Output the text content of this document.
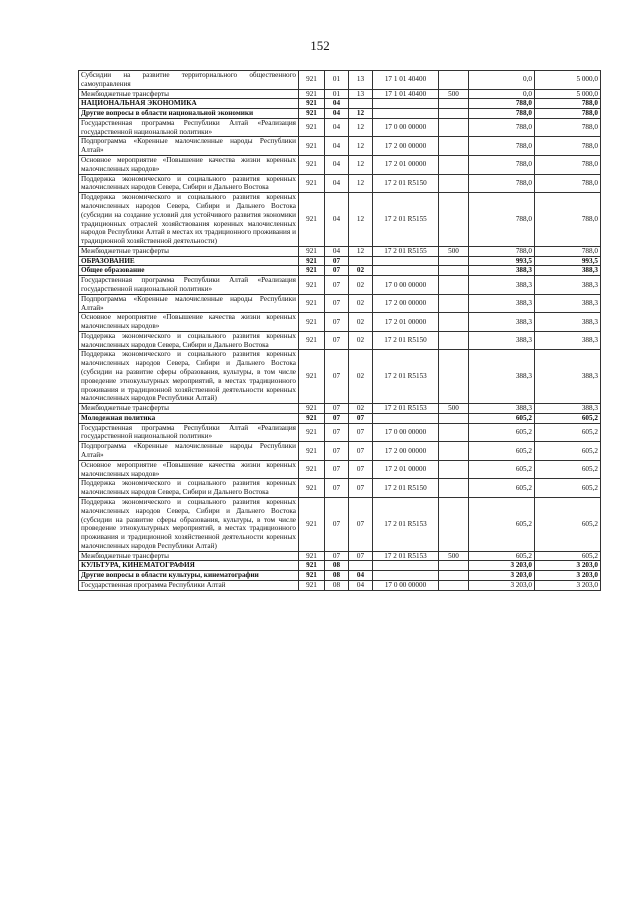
152
Субсидии на развитие территориального общественного самоуправления	921	01	13	17 1 01 40400		0,0	5 000,0
Межбюджетные трансферты	921	01	13	17 1 01 40400	500	0,0	5 000,0
НАЦИОНАЛЬНАЯ ЭКОНОМИКА	921	04				788,0	788,0
Другие вопросы в области национальной экономики	921	04	12			788,0	788,0
Государственная программа Республики Алтай «Реализация государственной национальной политики»	921	04	12	17 0 00 00000		788,0	788,0
Подпрограмма «Коренные малочисленные народы Республики Алтай»	921	04	12	17 2 00 00000		788,0	788,0
Основное мероприятие «Повышение качества жизни коренных малочисленных народов»	921	04	12	17 2 01 00000		788,0	788,0
Поддержка экономического и социального развития коренных малочисленных народов Севера, Сибири и Дальнего Востока	921	04	12	17 2 01 R5150		788,0	788,0
Поддержка экономического и социального развития коренных малочисленных народов Севера, Сибири и Дальнего Востока (субсидии на создание условий для устойчивого развития экономики традиционных отраслей хозяйствования коренных малочисленных народов Республики Алтай в местах их традиционного проживания и традиционной хозяйственной деятельности)	921	04	12	17 2 01 R5155		788,0	788,0
Межбюджетные трансферты	921	04	12	17 2 01 R5155	500	788,0	788,0
ОБРАЗОВАНИЕ	921	07				993,5	993,5
Общее образование	921	07	02			388,3	388,3
Государственная программа Республики Алтай «Реализация государственной национальной политики»	921	07	02	17 0 00 00000		388,3	388,3
Подпрограмма «Коренные малочисленные народы Республики Алтай»	921	07	02	17 2 00 00000		388,3	388,3
Основное мероприятие «Повышение качества жизни коренных малочисленных народов»	921	07	02	17 2 01 00000		388,3	388,3
Поддержка экономического и социального развития коренных малочисленных народов Севера, Сибири и Дальнего Востока	921	07	02	17 2 01 R5150		388,3	388,3
Поддержка экономического и социального развития коренных малочисленных народов Севера, Сибири и Дальнего Востока (субсидии на развитие сферы образования, культуры, в том числе проведение этнокультурных мероприятий, в местах традиционного проживания и традиционной хозяйственной деятельности коренных малочисленных народов Республики Алтай)	921	07	02	17 2 01 R5153		388,3	388,3
Межбюджетные трансферты	921	07	02	17 2 01 R5153	500	388,3	388,3
Молодежная политика	921	07	07			605,2	605,2
Государственная программа Республики Алтай «Реализация государственной национальной политики»	921	07	07	17 0 00 00000		605,2	605,2
Подпрограмма «Коренные малочисленные народы Республики Алтай»	921	07	07	17 2 00 00000		605,2	605,2
Основное мероприятие «Повышение качества жизни коренных малочисленных народов»	921	07	07	17 2 01 00000		605,2	605,2
Поддержка экономического и социального развития коренных малочисленных народов Севера, Сибири и Дальнего Востока	921	07	07	17 2 01 R5150		605,2	605,2
Поддержка экономического и социального развития коренных малочисленных народов Севера, Сибири и Дальнего Востока (субсидии на развитие сферы образования, культуры, в том числе проведение этнокультурных мероприятий, в местах традиционного проживания и традиционной хозяйственной деятельности коренных малочисленных народов Республики Алтай)	921	07	07	17 2 01 R5153		605,2	605,2
Межбюджетные трансферты	921	07	07	17 2 01 R5153	500	605,2	605,2
КУЛЬТУРА, КИНЕМАТОГРАФИЯ	921	08				3 203,0	3 203,0
Другие вопросы в области культуры, кинематографии	921	08	04			3 203,0	3 203,0
Государственная программа Республики Алтай	921	08	04	17 0 00 00000		3 203,0	3 203,0
